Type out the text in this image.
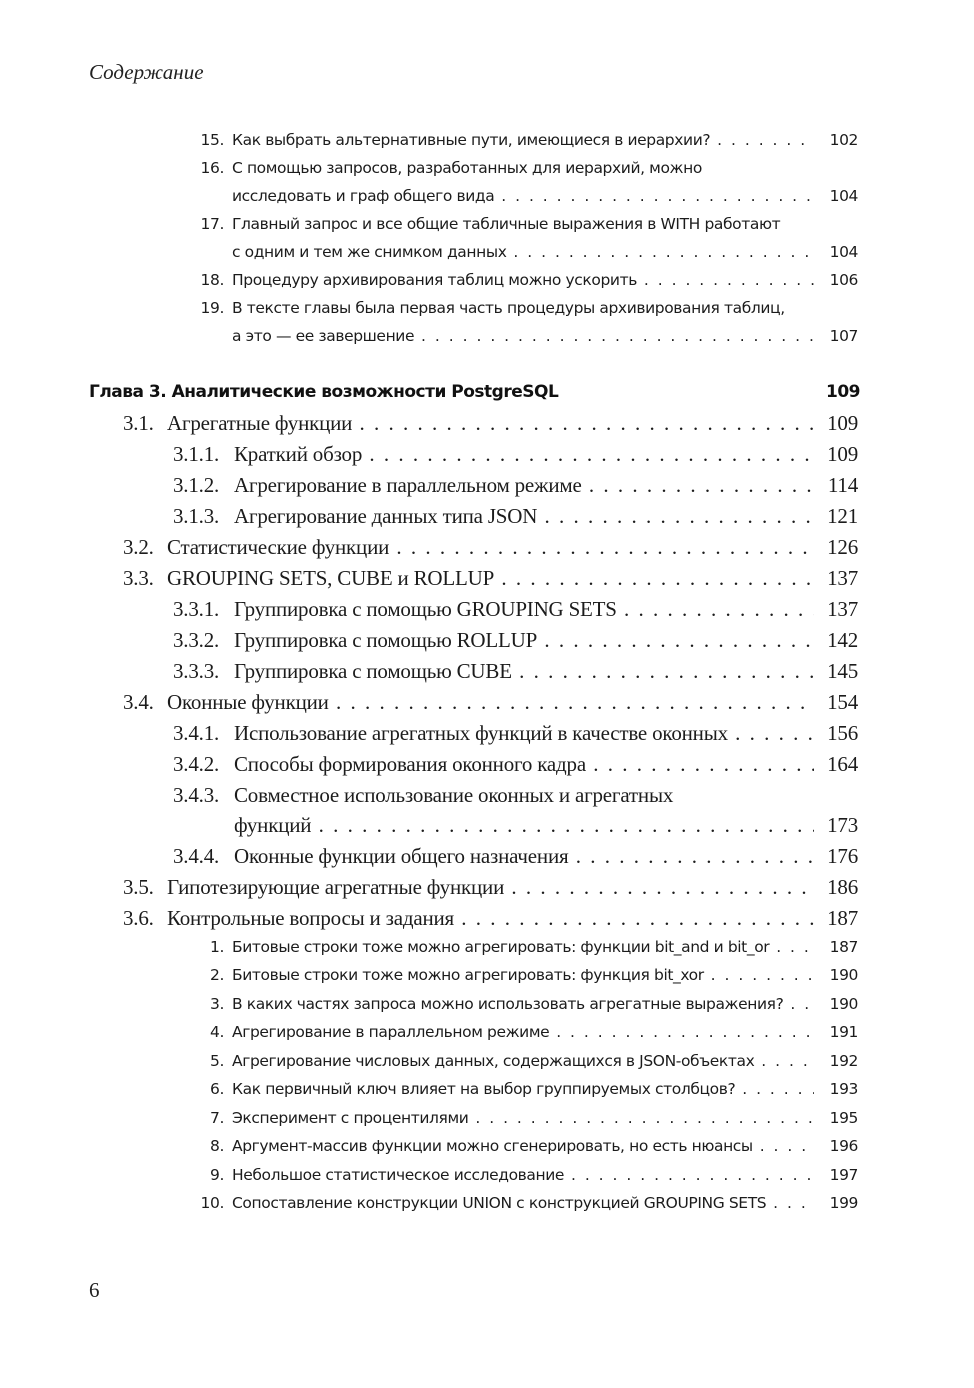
Содержание
15. Как выбрать альтернативные пути, имеющиеся в иерархии? . . .	102
16. С помощью запросов, разработанных для иерархий, можно
исследовать и граф общего вида . . .	104
17. Главный запрос и все общие табличные выражения в WITH работают
с одним и тем же снимком данных . . .	104
18. Процедуру архивирования таблиц можно ускорить . . .	106
19. В тексте главы была первая часть процедуры архивирования таблиц,
а это — ее завершение . . .	107
Глава 3. Аналитические возможности PostgreSQL	109
3.1. Агрегатные функции . . .	109
3.1.1. Краткий обзор . . .	109
3.1.2. Агрегирование в параллельном режиме . . .	114
3.1.3. Агрегирование данных типа JSON . . .	121
3.2. Статистические функции . . .	126
3.3. GROUPING SETS, CUBE и ROLLUP . . .	137
3.3.1. Группировка с помощью GROUPING SETS . . .	137
3.3.2. Группировка с помощью ROLLUP . . .	142
3.3.3. Группировка с помощью CUBE . . .	145
3.4. Оконные функции . . .	154
3.4.1. Использование агрегатных функций в качестве оконных . . .	156
3.4.2. Способы формирования оконного кадра . . .	164
3.4.3. Совместное использование оконных и агрегатных
функций . . .	173
3.4.4. Оконные функции общего назначения . . .	176
3.5. Гипотезирующие агрегатные функции . . .	186
3.6. Контрольные вопросы и задания . . .	187
1. Битовые строки тоже можно агрегировать: функции bit_and и bit_or . . .	187
2. Битовые строки тоже можно агрегировать: функция bit_xor . . .	190
3. В каких частях запроса можно использовать агрегатные выражения? . . .	190
4. Агрегирование в параллельном режиме . . .	191
5. Агрегирование числовых данных, содержащихся в JSON-объектах . . .	192
6. Как первичный ключ влияет на выбор группируемых столбцов? . . .	193
7. Эксперимент с процентилями . . .	195
8. Аргумент-массив функции можно сгенерировать, но есть нюансы . . .	196
9. Небольшое статистическое исследование . . .	197
10. Сопоставление конструкции UNION с конструкцией GROUPING SETS . . .	199
6
